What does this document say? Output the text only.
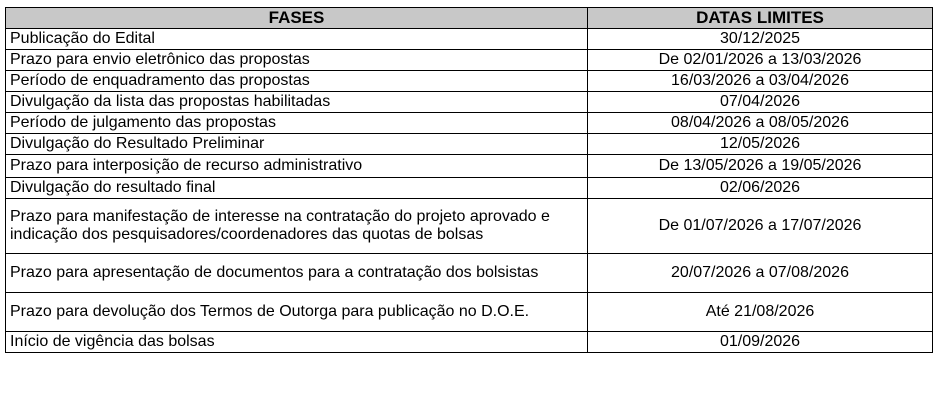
FASES	DATAS LIMITES
Publicação do Edital	30/12/2025
Prazo para envio eletrônico das propostas	De 02/01/2026 a 13/03/2026
Período de enquadramento das propostas	16/03/2026 a 03/04/2026
Divulgação da lista das propostas habilitadas	07/04/2026
Período de julgamento das propostas	08/04/2026 a 08/05/2026
Divulgação do Resultado Preliminar	12/05/2026
Prazo para interposição de recurso administrativo	De 13/05/2026 a 19/05/2026
Divulgação do resultado final	02/06/2026
Prazo para manifestação de interesse na contratação do projeto aprovado e indicação dos pesquisadores/coordenadores das quotas de bolsas	De 01/07/2026 a 17/07/2026
Prazo para apresentação de documentos para a contratação dos bolsistas	20/07/2026 a 07/08/2026
Prazo para devolução dos Termos de Outorga para publicação no D.O.E.	Até 21/08/2026
Início de vigência das bolsas	01/09/2026
